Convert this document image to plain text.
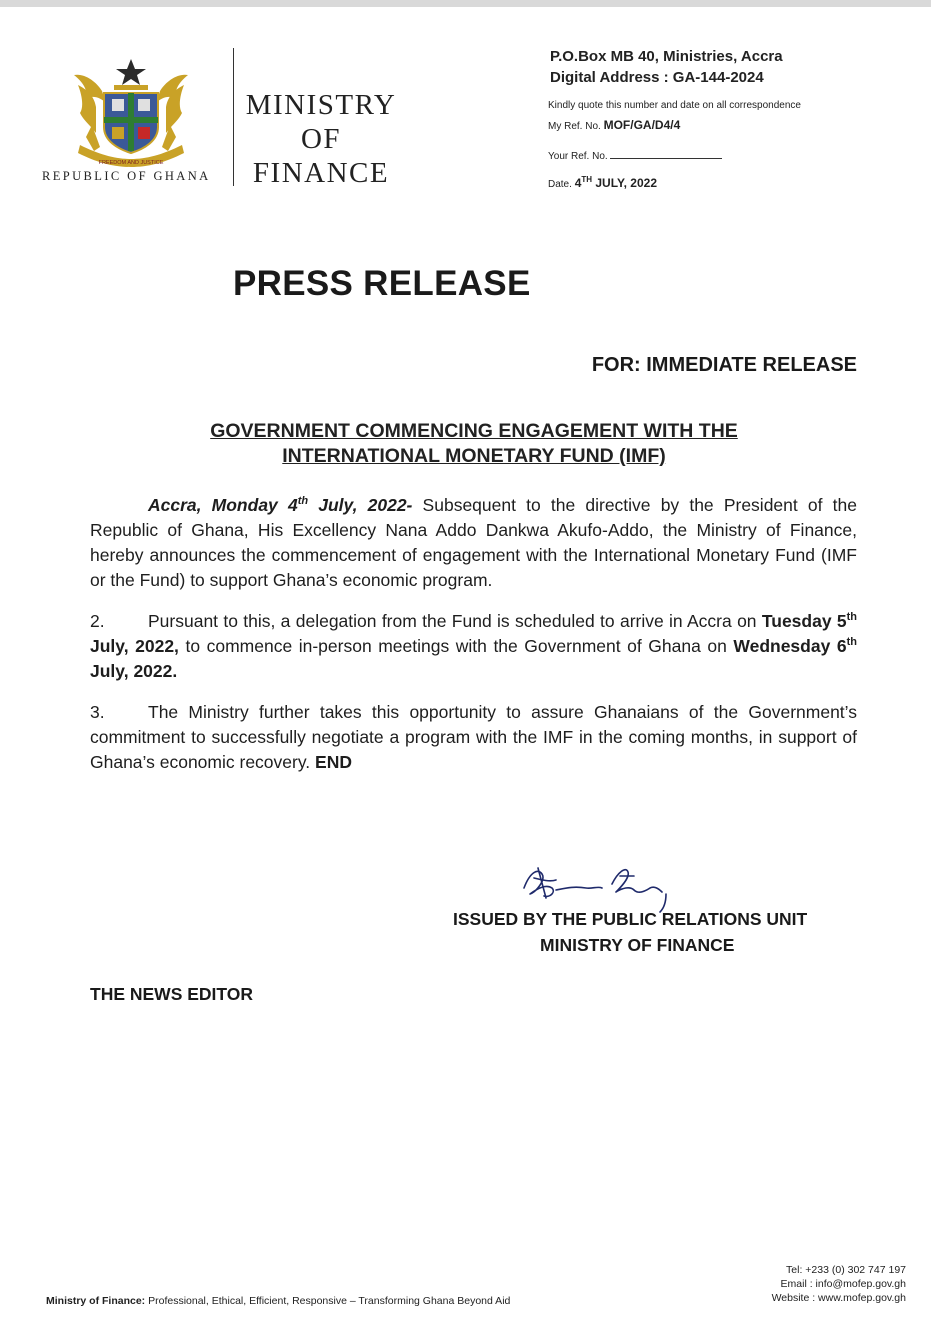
FREEDOM AND JUSTICE
REPUBLIC OF GHANA
MINISTRY
OF
FINANCE
P.O.Box MB 40, Ministries, Accra
Digital Address : GA-144-2024
Kindly quote this number and date on all correspondence
My Ref. No. MOF/GA/D4/4
Your Ref. No.
Date. 4TH JULY, 2022
PRESS RELEASE
FOR: IMMEDIATE RELEASE
GOVERNMENT COMMENCING ENGAGEMENT WITH THE
INTERNATIONAL MONETARY FUND (IMF)
Accra, Monday 4th July, 2022- Subsequent to the directive by the President of the Republic of Ghana, His Excellency Nana Addo Dankwa Akufo-Addo, the Ministry of Finance, hereby announces the commencement of engagement with the International Monetary Fund (IMF or the Fund) to support Ghana’s economic program.
2. Pursuant to this, a delegation from the Fund is scheduled to arrive in Accra on Tuesday 5th July, 2022, to commence in-person meetings with the Government of Ghana on Wednesday 6th July, 2022.
3. The Ministry further takes this opportunity to assure Ghanaians of the Government’s commitment to successfully negotiate a program with the IMF in the coming months, in support of Ghana’s economic recovery. END
ISSUED BY THE PUBLIC RELATIONS UNIT
MINISTRY OF FINANCE
THE NEWS EDITOR
Ministry of Finance: Professional, Ethical, Efficient, Responsive – Transforming Ghana Beyond Aid
Tel: +233 (0) 302 747 197
Email : info@mofep.gov.gh
Website : www.mofep.gov.gh
